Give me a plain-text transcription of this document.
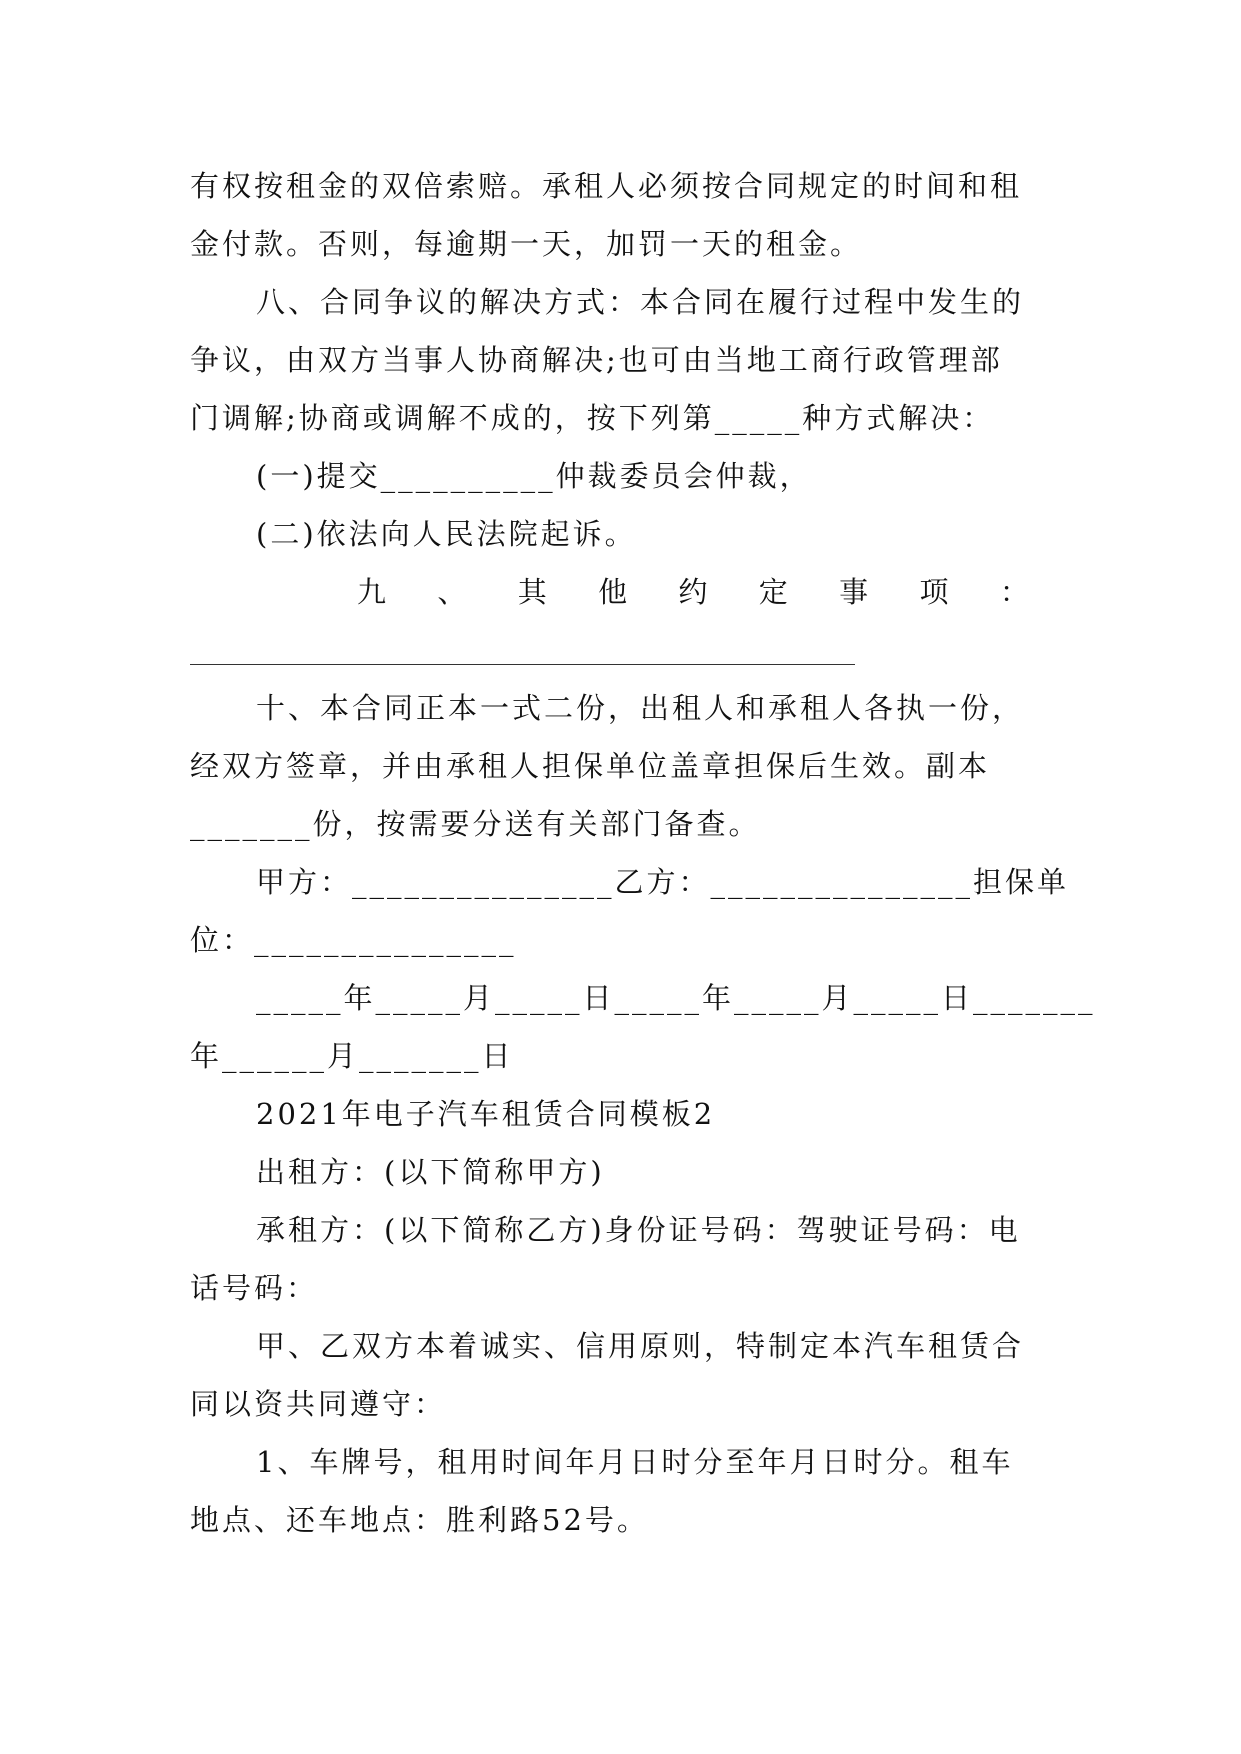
有权按租金的双倍索赔。承租人必须按合同规定的时间和租
金付款。否则，每逾期一天，加罚一天的租金。
八、合同争议的解决方式：本合同在履行过程中发生的
争议，由双方当事人协商解决;也可由当地工商行政管理部
门调解;协商或调解不成的，按下列第_____种方式解决：
(一)提交__________仲裁委员会仲裁，
(二)依法向人民法院起诉。
九 、 其 他 约 定 事 项 ：
十、本合同正本一式二份，出租人和承租人各执一份，
经双方签章，并由承租人担保单位盖章担保后生效。副本
_______份，按需要分送有关部门备查。
甲方：_______________乙方：_______________担保单
位：_______________
_____年_____月_____日_____年_____月_____日_______
年______月_______日
2021年电子汽车租赁合同模板2
出租方：(以下简称甲方)
承租方：(以下简称乙方)身份证号码：驾驶证号码：电
话号码：
甲、乙双方本着诚实、信用原则，特制定本汽车租赁合
同以资共同遵守：
1、车牌号，租用时间年月日时分至年月日时分。租车
地点、还车地点：胜利路52号。
